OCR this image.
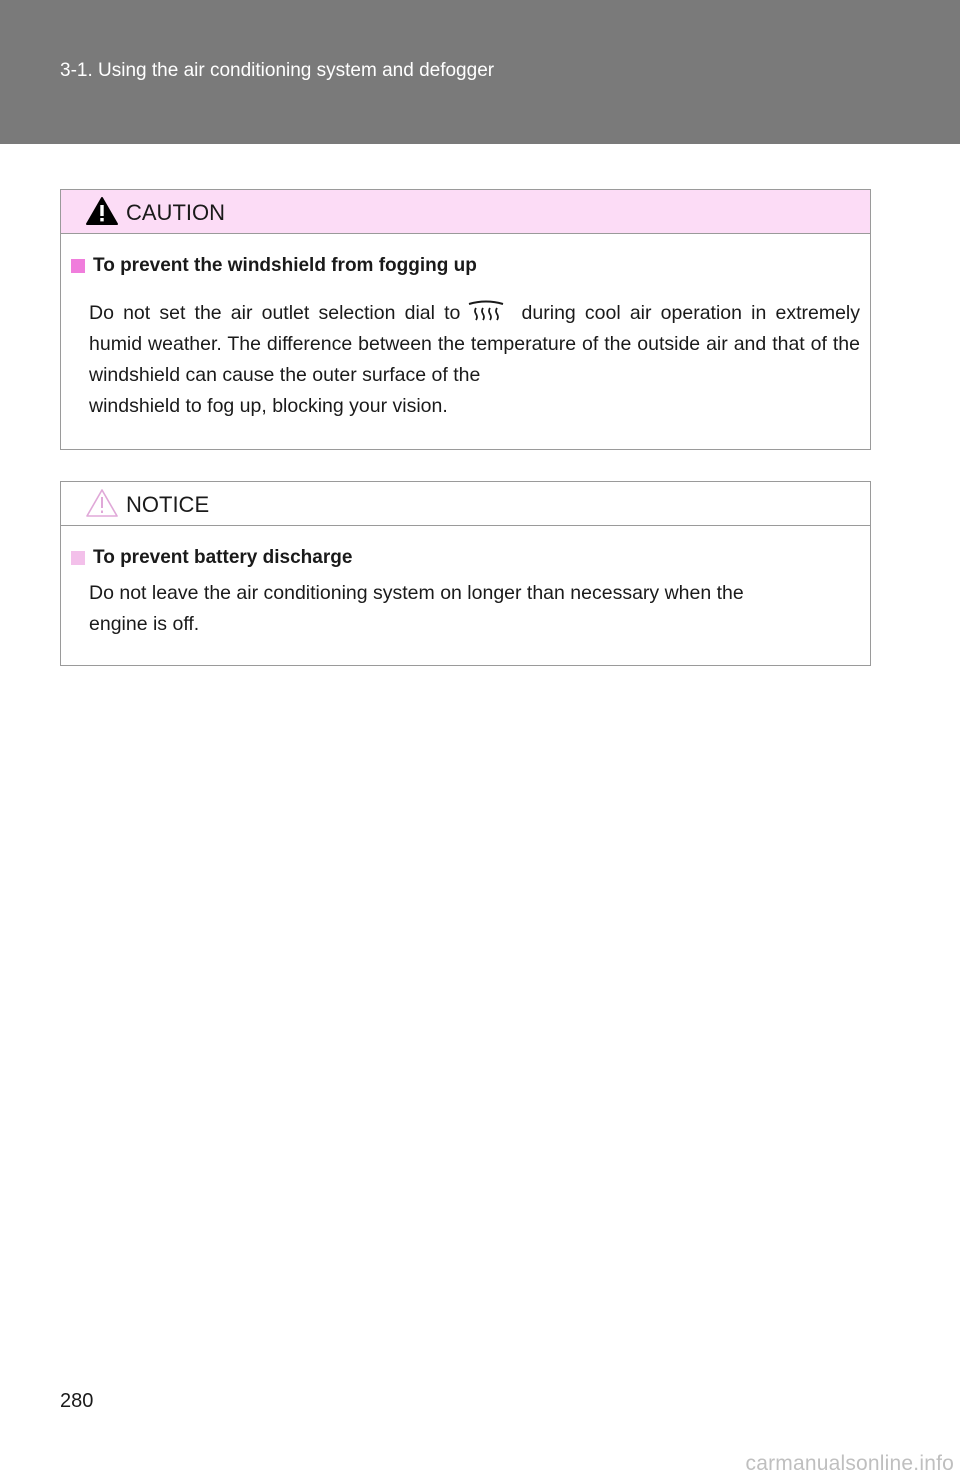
3-1. Using the air conditioning system and defogger
CAUTION
To prevent the windshield from fogging up
Do not set the air outlet selection dial to	during cool air operation in extremely humid weather. The difference between the temperature of the outside air and that of the windshield can cause the outer surface of the
windshield to fog up, blocking your vision.
NOTICE
To prevent battery discharge
Do not leave the air conditioning system on longer than necessary when the
engine is off.
280
carmanualsonline.info
